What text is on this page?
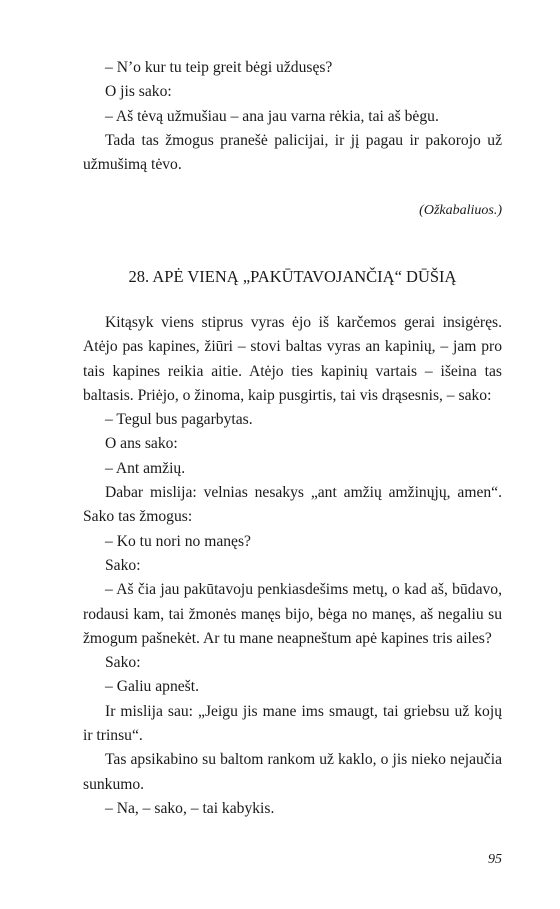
– N’o kur tu teip greit bėgi uždusęs?

O jis sako:

– Aš tėvą užmušiau – ana jau varna rėkia, tai aš bėgu.

Tada tas žmogus pranešė palicijai, ir jį pagau ir pakorojo už užmušimą tėvo.

(Ožkabaliuos.)

28. APĖ VIENĄ „PAKŪTAVOJANČIĄ“ DŪŠIĄ

Kitąsyk viens stiprus vyras ėjo iš karčemos gerai insigėręs. Atėjo pas kapines, žiūri – stovi baltas vyras an kapinių, – jam pro tais kapines reikia aitie. Atėjo ties kapinių vartais – išeina tas baltasis. Priėjo, o žinoma, kaip pusgirtis, tai vis drąsesnis, – sako:

– Tegul bus pagarbytas.

O ans sako:

– Ant amžių.

Dabar mislija: velnias nesakys „ant amžių amžinųjų, amen“. Sako tas žmogus:

– Ko tu nori no manęs?

Sako:

– Aš čia jau pakūtavoju penkiasdešims metų, o kad aš, būdavo, rodausi kam, tai žmonės manęs bijo, bėga no manęs, aš negaliu su žmogum pašnekėt. Ar tu mane neapneštum apė kapines tris ailes?

Sako:

– Galiu apnešt.

Ir mislija sau: „Jeigu jis mane ims smaugt, tai griebsu už kojų ir trinsu“.

Tas apsikabino su baltom rankom už kaklo, o jis nieko nejaučia sunkumo.

– Na, – sako, – tai kabykis.

95
